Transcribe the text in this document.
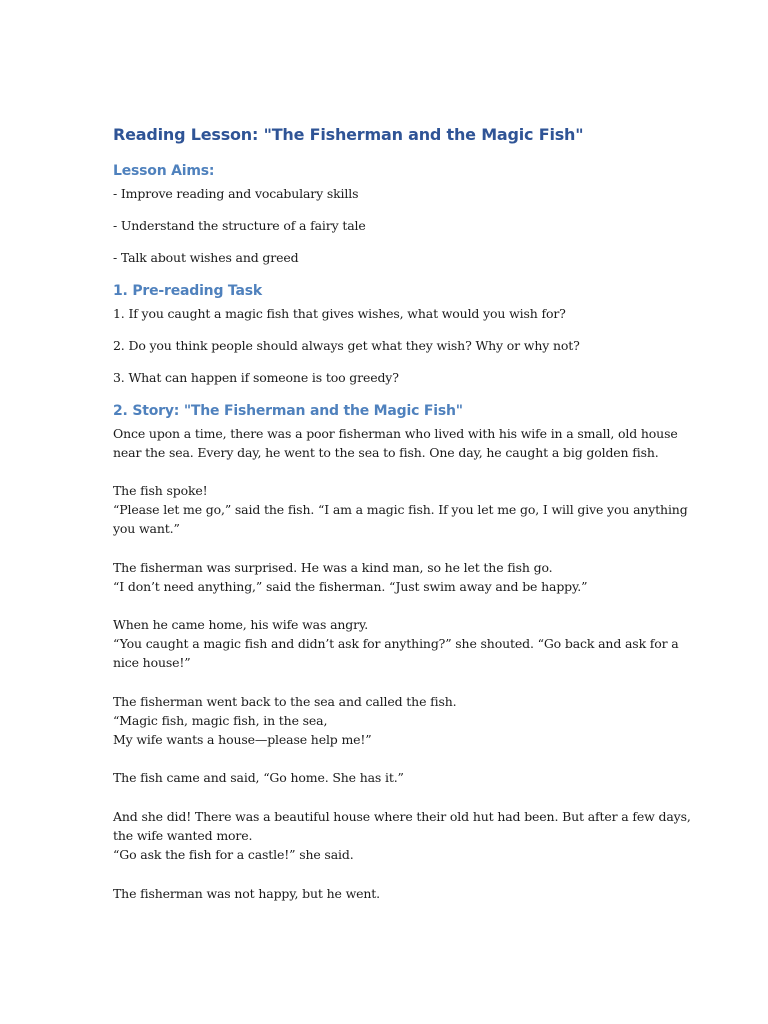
Reading Lesson: "The Fisherman and the Magic Fish"
Lesson Aims:

- Improve reading and vocabulary skills

- Understand the structure of a fairy tale

- Talk about wishes and greed

1. Pre-reading Task

1. If you caught a magic fish that gives wishes, what would you wish for?

2. Do you think people should always get what they wish? Why or why not?

3. What can happen if someone is too greedy?

2. Story: "The Fisherman and the Magic Fish"

Once upon a time, there was a poor fisherman who lived with his wife in a small, old house

near the sea. Every day, he went to the sea to fish. One day, he caught a big golden fish.

The fish spoke!

“Please let me go,” said the fish. “I am a magic fish. If you let me go, I will give you anything

you want.”

The fisherman was surprised. He was a kind man, so he let the fish go.

“I don’t need anything,” said the fisherman. “Just swim away and be happy.”

When he came home, his wife was angry.

“You caught a magic fish and didn’t ask for anything?” she shouted. “Go back and ask for a

nice house!”

The fisherman went back to the sea and called the fish.

“Magic fish, magic fish, in the sea,

My wife wants a house—please help me!”

The fish came and said, “Go home. She has it.”

And she did! There was a beautiful house where their old hut had been. But after a few days,

the wife wanted more.

“Go ask the fish for a castle!” she said.

The fisherman was not happy, but he went.
